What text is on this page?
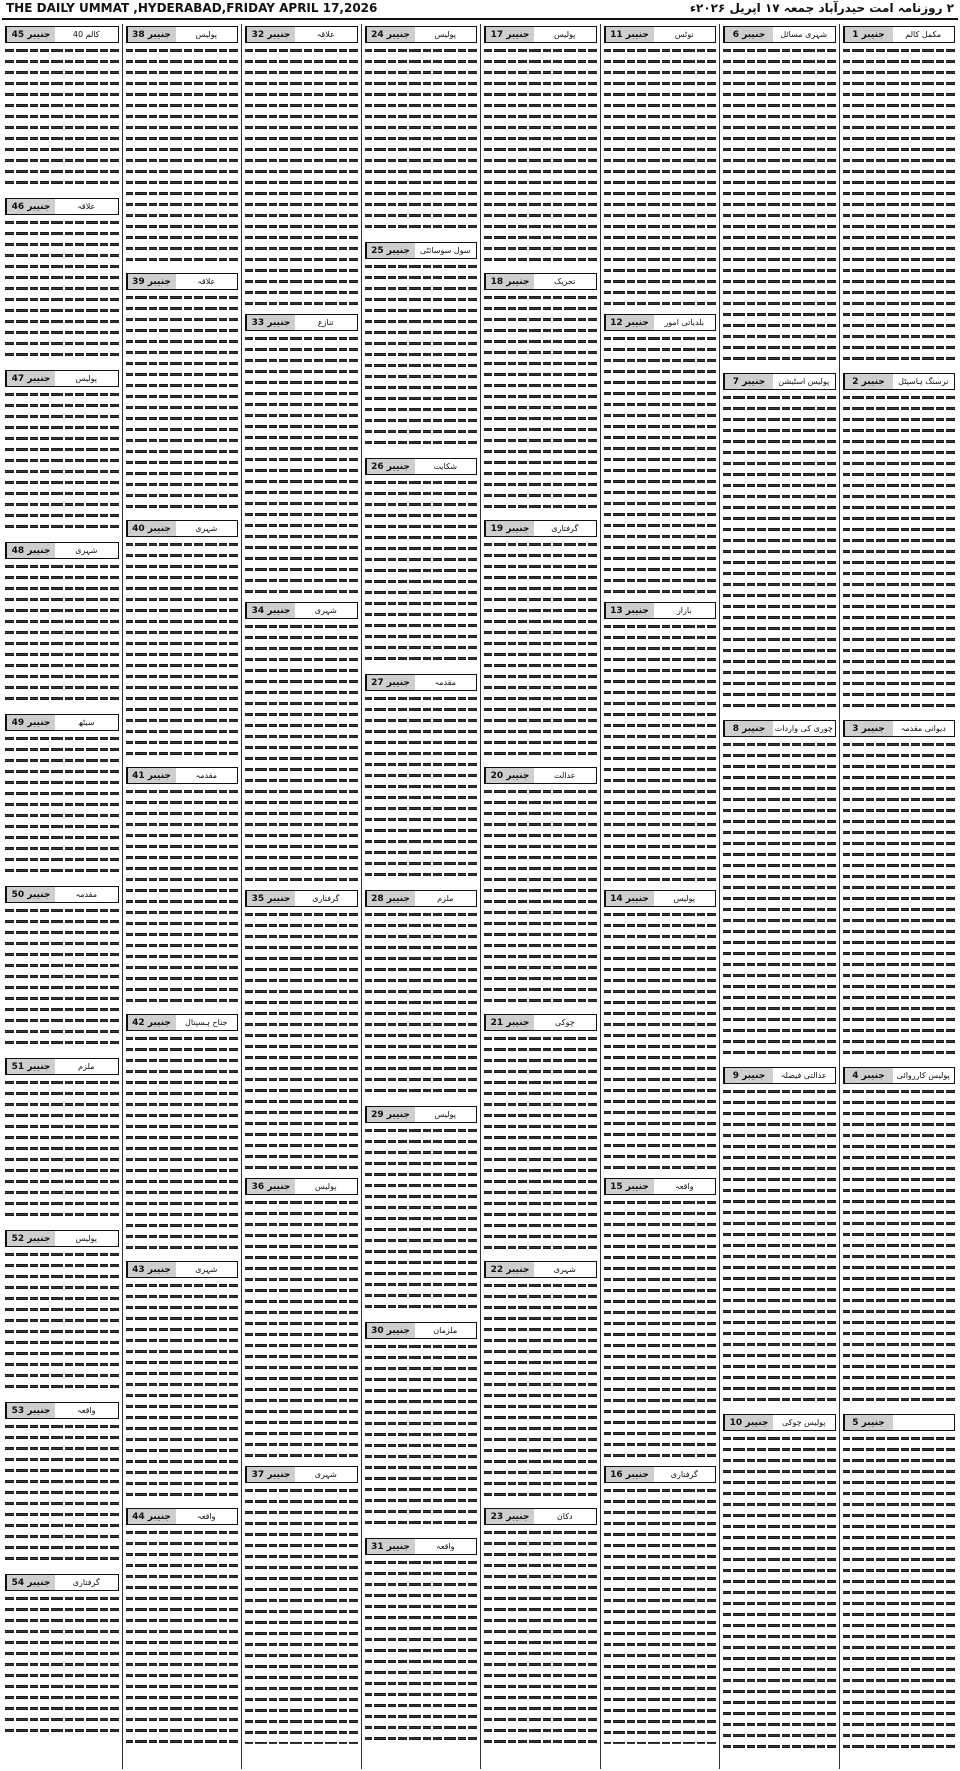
THE DAILY UMMAT ,HYDERABAD,FRIDAY APRIL 17,2026	۲ روزنامہ امت حیدرآباد جمعہ ۱۷ اپریل ۲۰۲۶ء
جنیبر 1	مکمل کالم
جنیبر 2	نرسنگ ہاسپٹل
جنیبر 3	دیوانی مقدمہ
جنیبر 4	پولیس کارروائی
جنیبر 5
جنیبر 6	شہری مسائل
جنیبر 7	پولیس اسٹیشن
جنیبر 8	چوری کی واردات
جنیبر 9	عدالتی فیصلہ
جنیبر 10	پولیس چوکی
جنیبر 11	نوٹس
جنیبر 12	بلدیاتی امور
جنیبر 13	بازار
جنیبر 14	پولیس
جنیبر 15	واقعہ
جنیبر 16	گرفتاری
جنیبر 17	پولیس
جنیبر 18	تحریک
جنیبر 19	گرفتاری
جنیبر 20	عدالت
جنیبر 21	چوکی
جنیبر 22	شہری
جنیبر 23	دکان
جنیبر 24	پولیس
جنیبر 25	سول سوسائٹی
جنیبر 26	شکایت
جنیبر 27	مقدمہ
جنیبر 28	ملزم
جنیبر 29	پولیس
جنیبر 30	ملزمان
جنیبر 31	واقعہ
جنیبر 32	علاقہ
جنیبر 33	تنازع
جنیبر 34	شہری
جنیبر 35	گرفتاری
جنیبر 36	پولیس
جنیبر 37	شہری
جنیبر 38	پولیس
جنیبر 39	علاقہ
جنیبر 40	شہری
جنیبر 41	مقدمہ
جنیبر 42	جناح ہسپتال
جنیبر 43	شہری
جنیبر 44	واقعہ
جنیبر 45	کالم 40
جنیبر 46	علاقہ
جنیبر 47	پولیس
جنیبر 48	شہری
جنیبر 49	سیٹھ
جنیبر 50	مقدمہ
جنیبر 51	ملزم
جنیبر 52	پولیس
جنیبر 53	واقعہ
جنیبر 54	گرفتاری
